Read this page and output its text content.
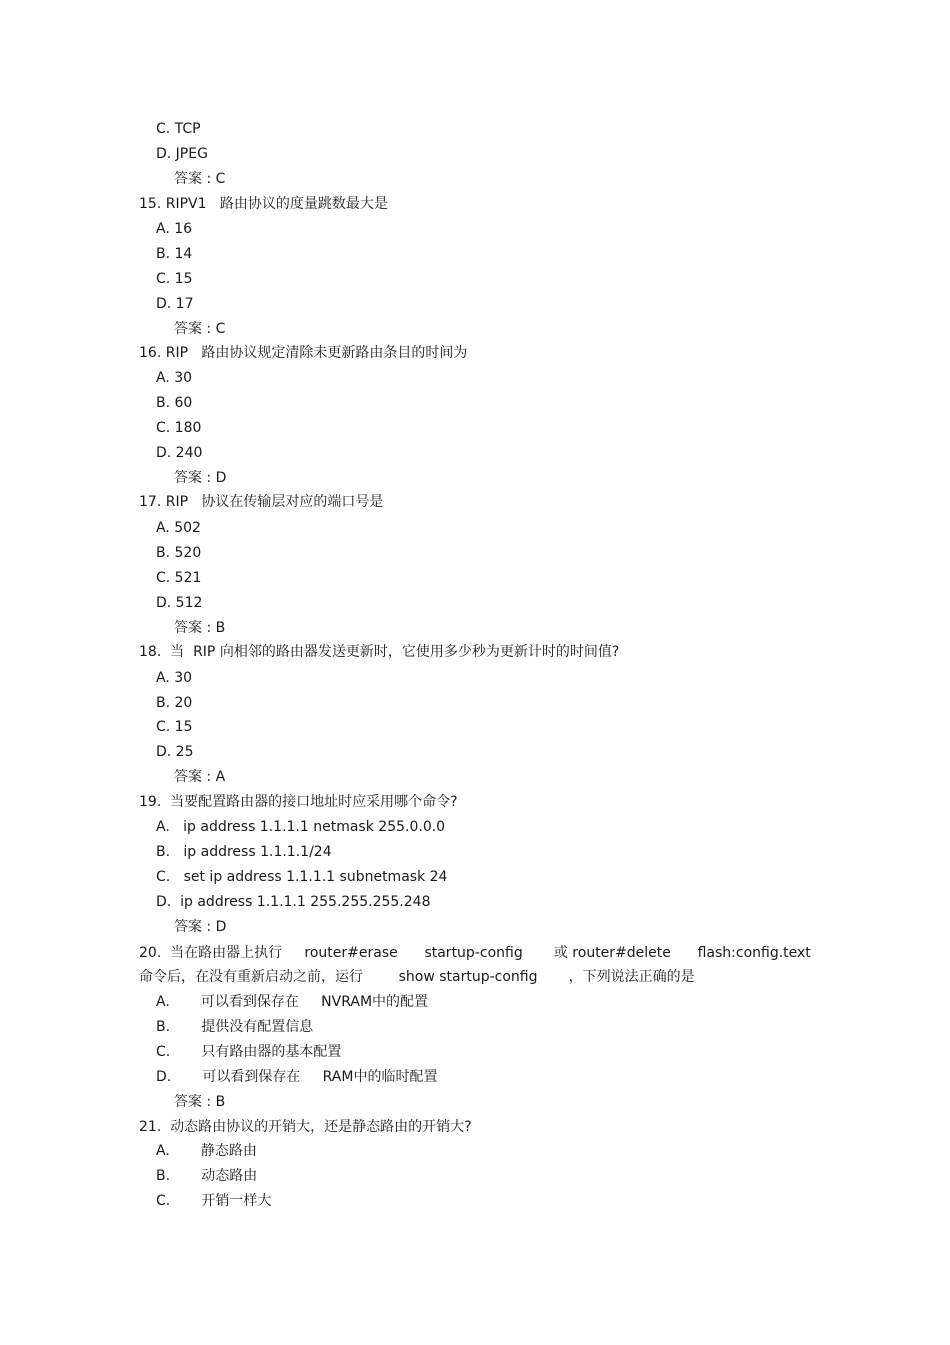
C. TCP
D. JPEG
答案 : C
15. RIPV1   路由协议的度量跳数最大是
A. 16
B. 14
C. 15
D. 17
答案 : C
16. RIP   路由协议规定清除未更新路由条目的时间为
A. 30
B. 60
C. 180
D. 240
答案 : D
17. RIP   协议在传输层对应的端口号是
A. 502
B. 520
C. 521
D. 512
答案 : B
18.  当  RIP 向相邻的路由器发送更新时，它使用多少秒为更新计时的时间值?
A. 30
B. 20
C. 15
D. 25
答案 : A
19.  当要配置路由器的接口地址时应采用哪个命令?
A.   ip address 1.1.1.1 netmask 255.0.0.0
B.   ip address 1.1.1.1/24
C.   set ip address 1.1.1.1 subnetmask 24
D.  ip address 1.1.1.1 255.255.255.248
答案 : D
20.  当在路由器上执行     router#erase      startup-config       或 router#delete      flash:config.text
命令后，在没有重新启动之前，运行        show startup-config       ，下列说法正确的是
A.       可以看到保存在     NVRAM中的配置
B.       提供没有配置信息
C.       只有路由器的基本配置
D.       可以看到保存在     RAM中的临时配置
答案 : B
21.  动态路由协议的开销大，还是静态路由的开销大?
A.       静态路由
B.       动态路由
C.       开销一样大
